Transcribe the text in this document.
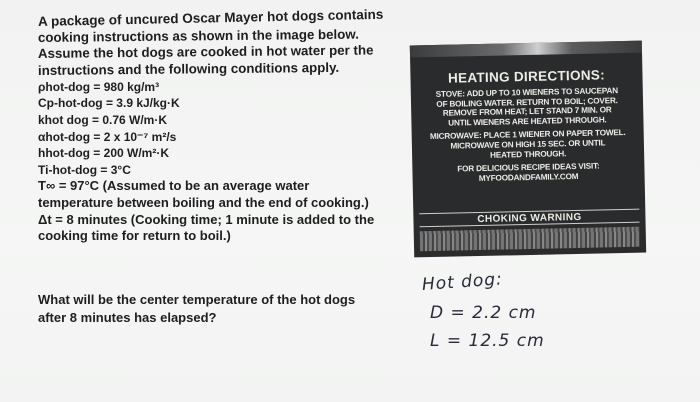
A package of uncured Oscar Mayer hot dogs contains
cooking instructions as shown in the image below.
Assume the hot dogs are cooked in hot water per the
instructions and the following conditions apply.
ρhot-dog = 980 kg/m³
Cp-hot-dog = 3.9 kJ/kg·K
khot dog = 0.76 W/m·K
αhot-dog = 2 x 10⁻⁷ m²/s
hhot-dog = 200 W/m²·K
Ti-hot-dog = 3°C
T∞ = 97°C (Assumed to be an average water
temperature between boiling and the end of cooking.)
Δt = 8 minutes (Cooking time; 1 minute is added to the
cooking time for return to boil.)
What will be the center temperature of the hot dogs
after 8 minutes has elapsed?
HEATING DIRECTIONS:
STOVE: ADD UP TO 10 WIENERS TO SAUCEPAN
OF BOILING WATER. RETURN TO BOIL; COVER.
REMOVE FROM HEAT; LET STAND 7 MIN. OR
UNTIL WIENERS ARE HEATED THROUGH.
MICROWAVE: PLACE 1 WIENER ON PAPER TOWEL.
MICROWAVE ON HIGH 15 SEC. OR UNTIL
HEATED THROUGH.
FOR DELICIOUS RECIPE IDEAS VISIT:
MYFOODANDFAMILY.COM
CHOKING WARNING
Hot dog:
D = 2.2 cm
L = 12.5 cm
